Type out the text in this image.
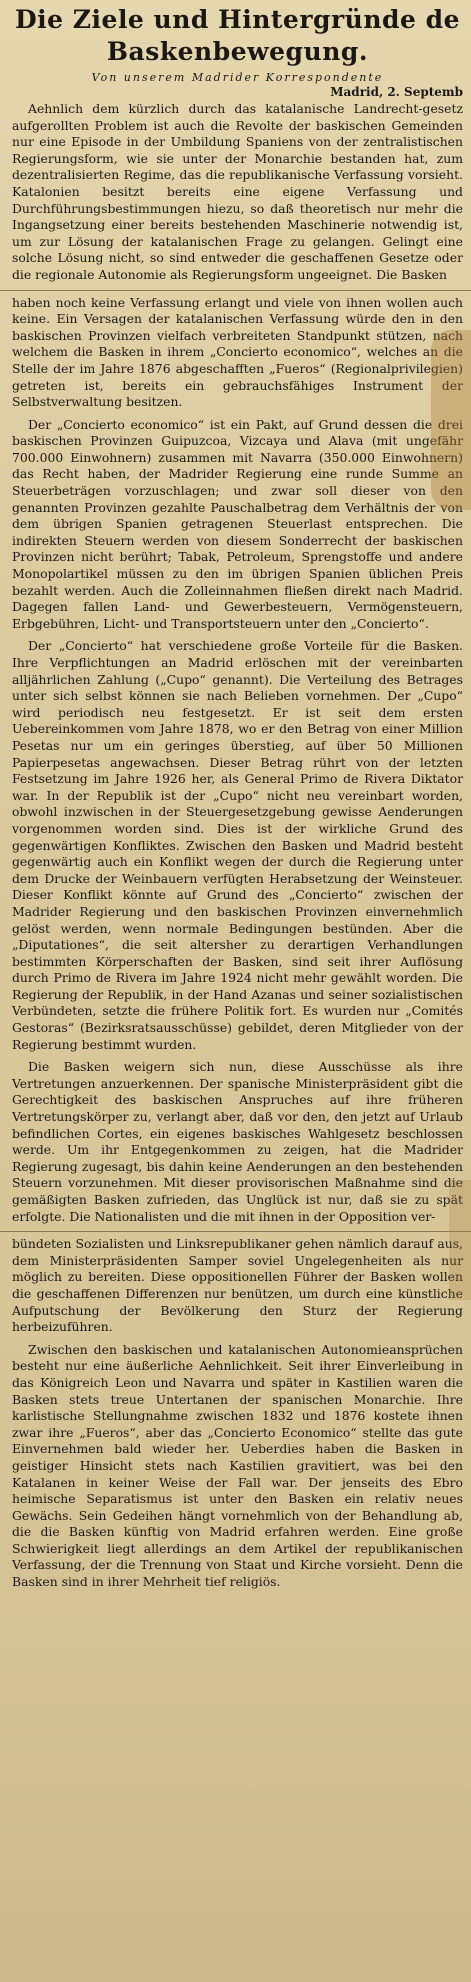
Die Ziele und Hintergründe de
Baskenbewegung.
Von unserem Madrider Korrespondente
Madrid, 2. Septemb

Aehnlich dem kürzlich durch das katalanische Landrecht-gesetz aufgerollten Problem ist auch die Revolte der baskischen Gemeinden nur eine Episode in der Umbildung Spaniens von der zentralistischen Regierungsform, wie sie unter der Monarchie bestanden hat, zum dezentralisierten Regime, das die republikanische Verfassung vorsieht. Katalonien besitzt bereits eine eigene Verfassung und Durchführungsbestimmungen hiezu, so daß theoretisch nur mehr die Ingangsetzung einer bereits bestehenden Maschinerie notwendig ist, um zur Lösung der katalanischen Frage zu gelangen. Gelingt eine solche Lösung nicht, so sind entweder die geschaffenen Gesetze oder die regionale Autonomie als Regierungsform ungeeignet. Die Basken

haben noch keine Verfassung erlangt und viele von ihnen wollen auch keine. Ein Versagen der katalanischen Verfassung würde den in den baskischen Provinzen vielfach verbreiteten Standpunkt stützen, nach welchem die Basken in ihrem „Concierto economico“, welches an die Stelle der im Jahre 1876 abgeschafften „Fueros“ (Regionalprivilegien) getreten ist, bereits ein gebrauchsfähiges Instrument der Selbstverwaltung besitzen.

Der „Concierto economico“ ist ein Pakt, auf Grund dessen die drei baskischen Provinzen Guipuzcoa, Vizcaya und Alava (mit ungefähr 700.000 Einwohnern) zusammen mit Navarra (350.000 Einwohnern) das Recht haben, der Madrider Regierung eine runde Summe an Steuerbeträgen vorzuschlagen; und zwar soll dieser von den genannten Provinzen gezahlte Pauschalbetrag dem Verhältnis der von dem übrigen Spanien getragenen Steuerlast entsprechen. Die indirekten Steuern werden von diesem Sonderrecht der baskischen Provinzen nicht berührt; Tabak, Petroleum, Sprengstoffe und andere Monopolartikel müssen zu den im übrigen Spanien üblichen Preis bezahlt werden. Auch die Zolleinnahmen fließen direkt nach Madrid. Dagegen fallen Land- und Gewerbesteuern, Vermögensteuern, Erbgebühren, Licht- und Transportsteuern unter den „Concierto“.

Der „Concierto“ hat verschiedene große Vorteile für die Basken. Ihre Verpflichtungen an Madrid erlöschen mit der vereinbarten alljährlichen Zahlung („Cupo“ genannt). Die Verteilung des Betrages unter sich selbst können sie nach Belieben vornehmen. Der „Cupo“ wird periodisch neu festgesetzt. Er ist seit dem ersten Uebereinkommen vom Jahre 1878, wo er den Betrag von einer Million Pesetas nur um ein geringes überstieg, auf über 50 Millionen Papierpesetas angewachsen. Dieser Betrag rührt von der letzten Festsetzung im Jahre 1926 her, als General Primo de Rivera Diktator war. In der Republik ist der „Cupo“ nicht neu vereinbart worden, obwohl inzwischen in der Steuergesetzgebung gewisse Aenderungen vorgenommen worden sind. Dies ist der wirkliche Grund des gegenwärtigen Konfliktes. Zwischen den Basken und Madrid besteht gegenwärtig auch ein Konflikt wegen der durch die Regierung unter dem Drucke der Weinbauern verfügten Herabsetzung der Weinsteuer. Dieser Konflikt könnte auf Grund des „Concierto“ zwischen der Madrider Regierung und den baskischen Provinzen einvernehmlich gelöst werden, wenn normale Bedingungen bestünden. Aber die „Diputationes“, die seit altersher zu derartigen Verhandlungen bestimmten Körperschaften der Basken, sind seit ihrer Auflösung durch Primo de Rivera im Jahre 1924 nicht mehr gewählt worden. Die Regierung der Republik, in der Hand Azanas und seiner sozialistischen Verbündeten, setzte die frühere Politik fort. Es wurden nur „Comités Gestoras“ (Bezirksratsausschüsse) gebildet, deren Mitglieder von der Regierung bestimmt wurden.

Die Basken weigern sich nun, diese Ausschüsse als ihre Vertretungen anzuerkennen. Der spanische Ministerpräsident gibt die Gerechtigkeit des baskischen Anspruches auf ihre früheren Vertretungskörper zu, verlangt aber, daß vor den, den jetzt auf Urlaub befindlichen Cortes, ein eigenes baskisches Wahlgesetz beschlossen werde. Um ihr Entgegenkommen zu zeigen, hat die Madrider Regierung zugesagt, bis dahin keine Aenderungen an den bestehenden Steuern vorzunehmen. Mit dieser provisorischen Maßnahme sind die gemäßigten Basken zufrieden, das Unglück ist nur, daß sie zu spät erfolgte. Die Nationalisten und die mit ihnen in der Opposition ver-

bündeten Sozialisten und Linksrepublikaner gehen nämlich darauf aus, dem Ministerpräsidenten Samper soviel Ungelegenheiten als nur möglich zu bereiten. Diese oppositionellen Führer der Basken wollen die geschaffenen Differenzen nur benützen, um durch eine künstliche Aufputschung der Bevölkerung den Sturz der Regierung herbeizuführen.

Zwischen den baskischen und katalanischen Autonomieansprüchen besteht nur eine äußerliche Aehnlichkeit. Seit ihrer Einverleibung in das Königreich Leon und Navarra und später in Kastilien waren die Basken stets treue Untertanen der spanischen Monarchie. Ihre karlistische Stellungnahme zwischen 1832 und 1876 kostete ihnen zwar ihre „Fueros“, aber das „Concierto Economico“ stellte das gute Einvernehmen bald wieder her. Ueberdies haben die Basken in geistiger Hinsicht stets nach Kastilien gravitiert, was bei den Katalanen in keiner Weise der Fall war. Der jenseits des Ebro heimische Separatismus ist unter den Basken ein relativ neues Gewächs. Sein Gedeihen hängt vornehmlich von der Behandlung ab, die die Basken künftig von Madrid erfahren werden. Eine große Schwierigkeit liegt allerdings an dem Artikel der republikanischen Verfassung, der die Trennung von Staat und Kirche vorsieht. Denn die Basken sind in ihrer Mehrheit tief religiös.
